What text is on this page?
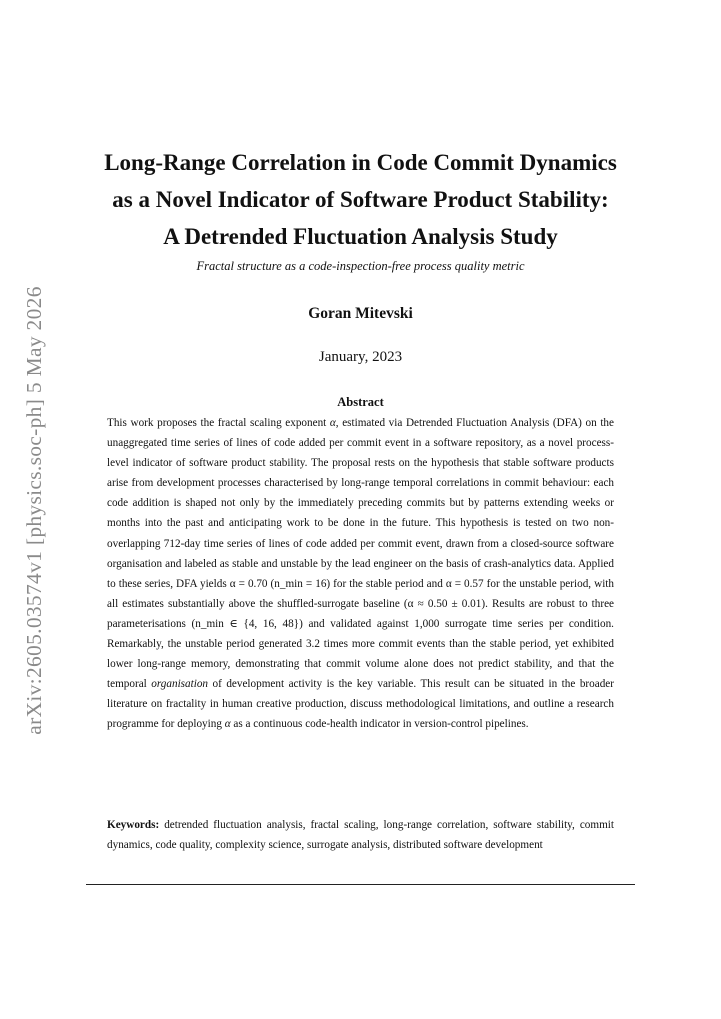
arXiv:2605.03574v1 [physics.soc-ph] 5 May 2026
Long-Range Correlation in Code Commit Dynamics
as a Novel Indicator of Software Product Stability:
A Detrended Fluctuation Analysis Study
Fractal structure as a code-inspection-free process quality metric
Goran Mitevski
January, 2023
Abstract

This work proposes the fractal scaling exponent α, estimated via Detrended Fluctuation Analysis (DFA) on the unaggregated time series of lines of code added per commit event in a software repository, as a novel process-level indicator of software product stability. The proposal rests on the hypothesis that stable software products arise from development processes characterised by long-range temporal correlations in commit behaviour: each code addition is shaped not only by the immediately preceding commits but by patterns extending weeks or months into the past and anticipating work to be done in the future. This hypothesis is tested on two non-overlapping 712-day time series of lines of code added per commit event, drawn from a closed-source software organisation and labeled as stable and unstable by the lead engineer on the basis of crash-analytics data. Applied to these series, DFA yields α = 0.70 (n_min = 16) for the stable period and α = 0.57 for the unstable period, with all estimates substantially above the shuffled-surrogate baseline (α ≈ 0.50 ± 0.01). Results are robust to three parameterisations (n_min ∈ {4, 16, 48}) and validated against 1,000 surrogate time series per condition. Remarkably, the unstable period generated 3.2 times more commit events than the stable period, yet exhibited lower long-range memory, demonstrating that commit volume alone does not predict stability, and that the temporal organisation of development activity is the key variable. This result can be situated in the broader literature on fractality in human creative production, discuss methodological limitations, and outline a research programme for deploying α as a continuous code-health indicator in version-control pipelines.

Keywords: detrended fluctuation analysis, fractal scaling, long-range correlation, software stability, commit dynamics, code quality, complexity science, surrogate analysis, distributed software development
